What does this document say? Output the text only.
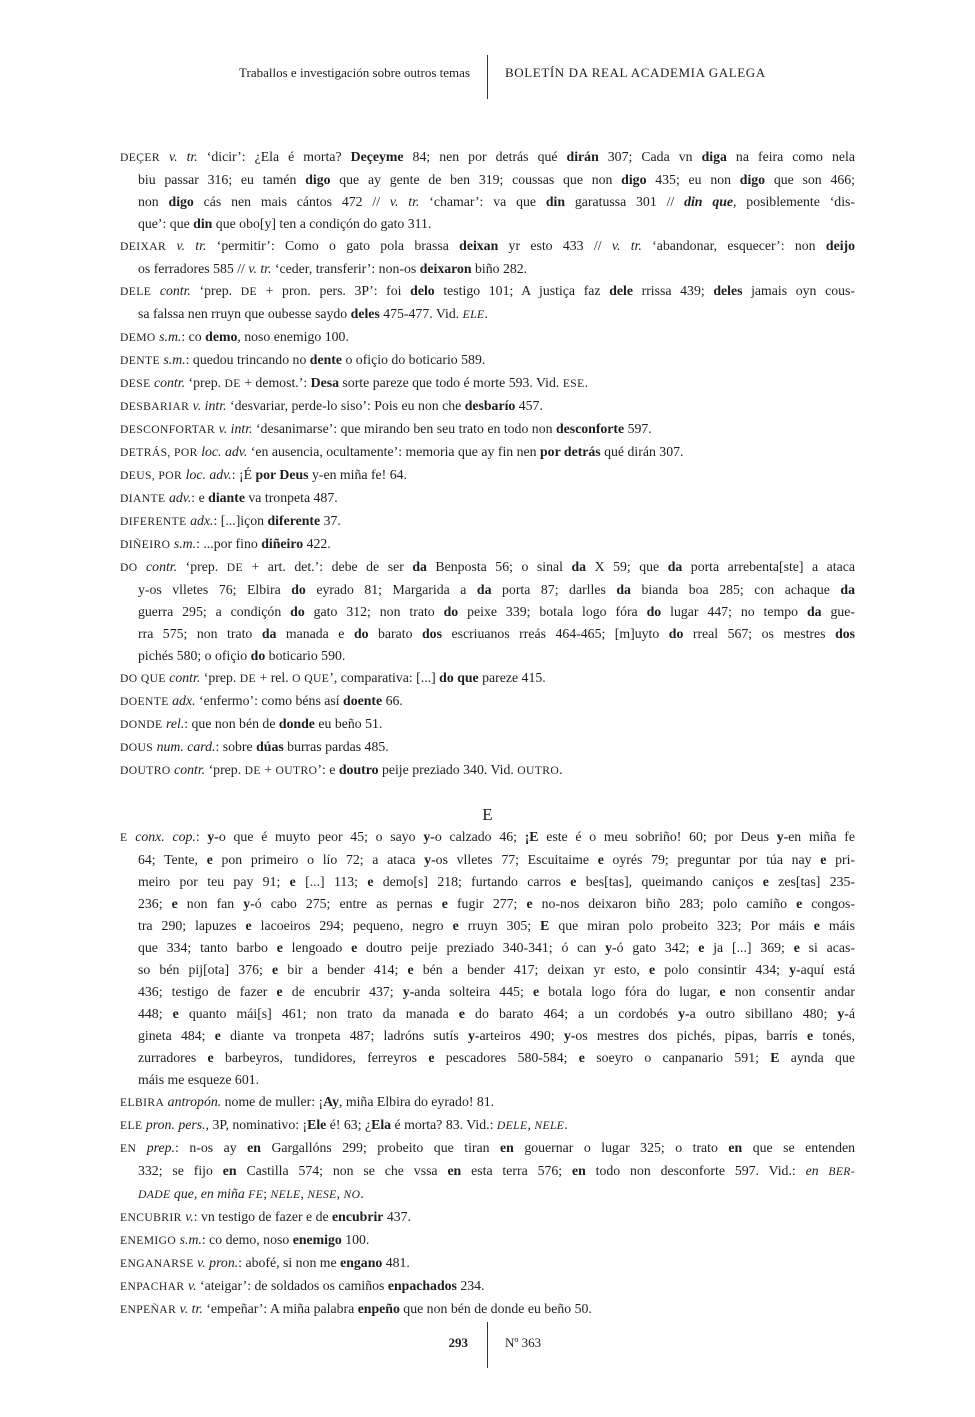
Traballos e investigación sobre outros temas	BOLETÍN DA REAL ACADEMIA GALEGA
DEÇER v. tr. ‘dicir’: ¿Ela é morta? Deçeyme 84; nen por detrás qué dirán 307; Cada vn diga na feira como nela
biu passar 316; eu tamén digo que ay gente de ben 319; coussas que non digo 435; eu non digo que son 466;
non digo cás nen mais cántos 472 // v. tr. ‘chamar’: va que din garatussa 301 // din que, posiblemente ‘dis-
que’: que din que obo[y] ten a condiçón do gato 311.
DEIXAR v. tr. ‘permitir’: Como o gato pola brassa deixan yr esto 433 // v. tr. ‘abandonar, esquecer’: non deijo
os ferradores 585 // v. tr. ‘ceder, transferir’: non-os deixaron biño 282.
DELE contr. ‘prep. DE + pron. pers. 3P’: foi delo testigo 101; A justiça faz dele rrissa 439; deles jamais oyn cous-
sa falssa nen rruyn que oubesse saydo deles 475-477. Vid. ELE.
DEMO s.m.: co demo, noso enemigo 100.
DENTE s.m.: quedou trincando no dente o ofiçio do boticario 589.
DESE contr. ‘prep. DE + demost.’: Desa sorte pareze que todo é morte 593. Vid. ESE.
DESBARIAR v. intr. ‘desvariar, perde-lo siso’: Pois eu non che desbarío 457.
DESCONFORTAR v. intr. ‘desanimarse’: que mirando ben seu trato en todo non desconforte 597.
DETRÁS, POR loc. adv. ‘en ausencia, ocultamente’: memoria que ay fin nen por detrás qué dirán 307.
DEUS, POR loc. adv.: ¡É por Deus y-en miña fe! 64.
DIANTE adv.: e diante va tronpeta 487.
DIFERENTE adx.: [...]içon diferente 37.
DIÑEIRO s.m.: ...por fino diñeiro 422.
DO contr. ‘prep. DE + art. det.’: debe de ser da Benposta 56; o sinal da X 59; que da porta arrebenta[ste] a ataca
y-os vlletes 76; Elbira do eyrado 81; Margarida a da porta 87; darlles da bianda boa 285; con achaque da
guerra 295; a condiçón do gato 312; non trato do peixe 339; botala logo fóra do lugar 447; no tempo da gue-
rra 575; non trato da manada e do barato dos escriuanos rreás 464-465; [m]uyto do rreal 567; os mestres dos
pichés 580; o ofiçio do boticario 590.
DO QUE contr. ‘prep. DE + rel. O QUE’, comparativa: [...] do que pareze 415.
DOENTE adx. ‘enfermo’: como béns así doente 66.
DONDE rel.: que non bén de donde eu beño 51.
DOUS num. card.: sobre dúas burras pardas 485.
DOUTRO contr. ‘prep. DE + OUTRO’: e doutro peije preziado 340. Vid. OUTRO.
E
E conx. cop.: y-o que é muyto peor 45; o sayo y-o calzado 46; ¡E este é o meu sobriño! 60; por Deus y-en miña fe
64; Tente, e pon primeiro o lío 72; a ataca y-os vlletes 77; Escuitaime e oyrés 79; preguntar por túa nay e pri-
meiro por teu pay 91; e [...] 113; e demo[s] 218; furtando carros e bes[tas], queimando caniços e zes[tas] 235-
236; e non fan y-ó cabo 275; entre as pernas e fugir 277; e no-nos deixaron biño 283; polo camiño e congos-
tra 290; lapuzes e lacoeiros 294; pequeno, negro e rruyn 305; E que miran polo probeito 323; Por máis e máis
que 334; tanto barbo e lengoado e doutro peije preziado 340-341; ó can y-ó gato 342; e ja [...] 369; e si acas-
so bén pij[ota] 376; e bir a bender 414; e bén a bender 417; deixan yr esto, e polo consintir 434; y-aquí está
436; testigo de fazer e de encubrir 437; y-anda solteira 445; e botala logo fóra do lugar, e non consentir andar
448; e quanto mái[s] 461; non trato da manada e do barato 464; a un cordobés y-a outro sibillano 480; y-á
gineta 484; e diante va tronpeta 487; ladróns sutís y-arteiros 490; y-os mestres dos pichés, pipas, barrís e tonés,
zurradores e barbeyros, tundidores, ferreyros e pescadores 580-584; e soeyro o canpanario 591; E aynda que
máis me esqueze 601.
ELBIRA antropón. nome de muller: ¡Ay, miña Elbira do eyrado! 81.
ELE pron. pers., 3P, nominativo: ¡Ele é! 63; ¿Ela é morta? 83. Vid.: DELE, NELE.
EN prep.: n-os ay en Gargallóns 299; probeito que tiran en gouernar o lugar 325; o trato en que se entenden
332; se fijo en Castilla 574; non se che vssa en esta terra 576; en todo non desconforte 597. Vid.: en BER-
DADE que, en miña FE; NELE, NESE, NO.
ENCUBRIR v.: vn testigo de fazer e de encubrir 437.
ENEMIGO s.m.: co demo, noso enemigo 100.
ENGANARSE v. pron.: abofé, si non me engano 481.
ENPACHAR v. ‘ateigar’: de soldados os camiños enpachados 234.
ENPEÑAR v. tr. ‘empeñar’: A miña palabra enpeño que non bén de donde eu beño 50.
293	Nº 363
